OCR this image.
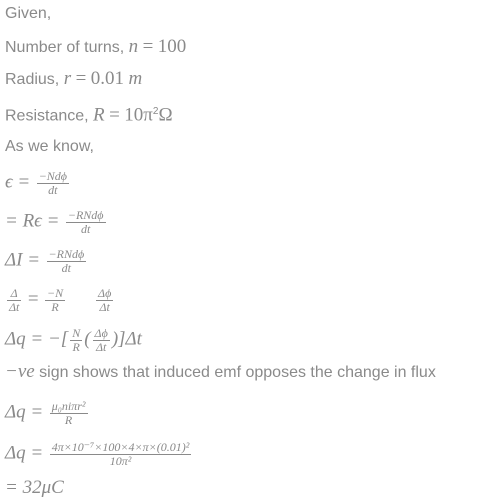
Given,
Number of turns, n = 100
Radius, r = 0.01 m
Resistance, $R = 10\pi^2\Omega$
As we know,
$\epsilon = \frac{\text{−Ndϕ}}{dt}$
= $R\epsilon = \frac{\text{−RNdϕ}}{dt}$
$\Delta I = \frac{\text{−RNdϕ}}{dt}$
$\frac{\Delta}{\Delta t} = \frac{-N}{R}$
	$\frac{\Delta\phi}{\Delta t}$
Δq = −[ $\frac{N}{R}$ ( $\frac{\Delta\phi}{\Delta t} )]\Delta t$
−ve sign shows that induced emf opposes the change in flux
$\Delta q = \frac{\text{μ₀niπr²}}{R}$
$\Delta q = \frac{\text{4π×10⁻⁷×100×4×π×(0.01)²}}{\text{10π²}}$
= 32μC
